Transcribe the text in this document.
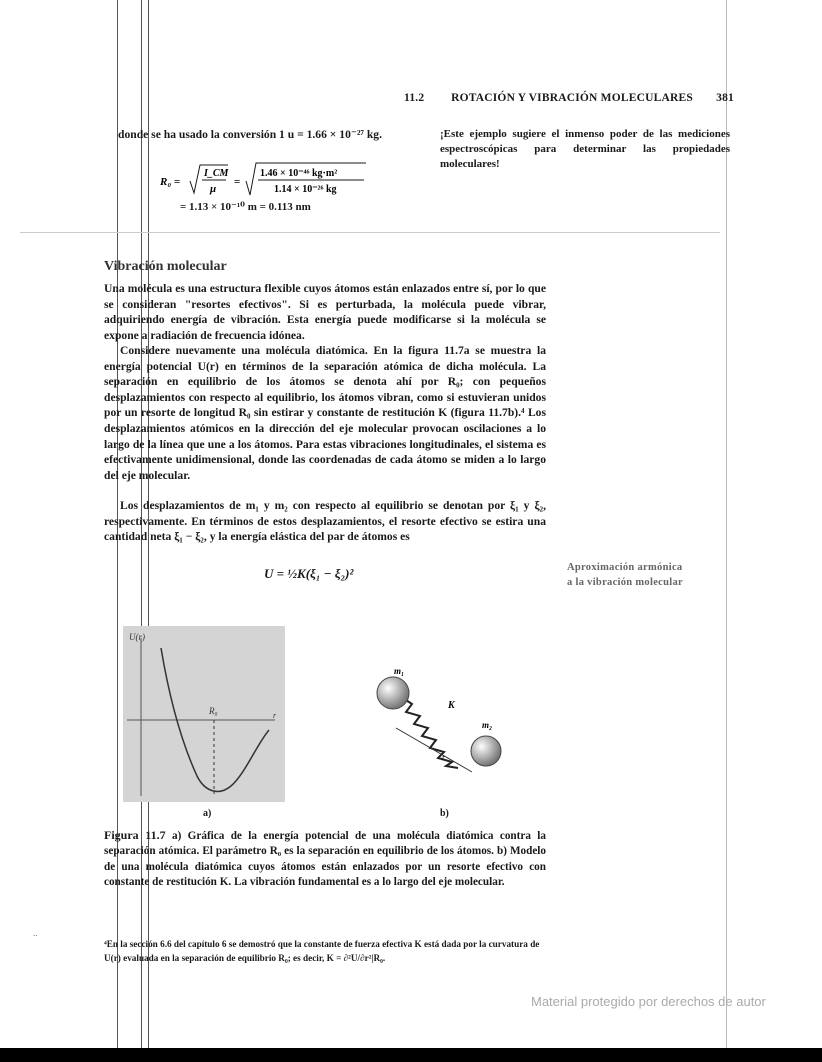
11.2 ROTACIÓN Y VIBRACIÓN MOLECULARES 381
donde se ha usado la conversión 1 u = 1.66 × 10⁻²⁷ kg.	¡Este ejemplo sugiere el inmenso poder de las mediciones espectroscópicas para determinar las propiedades moleculares!
R₀ =
I_CM
μ
=
1.46 × 10⁻⁴⁶ kg·m²
1.14 × 10⁻²⁶ kg
= 1.13 × 10⁻¹⁰ m = 0.113 nm
Vibración molecular
Una molécula es una estructura flexible cuyos átomos están enlazados entre sí, por lo que se consideran "resortes efectivos". Si es perturbada, la molécula puede vibrar, adquiriendo energía de vibración. Esta energía puede modificarse si la molécula se expone a radiación de frecuencia idónea.
Considere nuevamente una molécula diatómica. En la figura 11.7a se muestra la energía potencial U(r) en términos de la separación atómica de dicha molécula. La separación en equilibrio de los átomos se denota ahí por R₀; con pequeños desplazamientos con respecto al equilibrio, los átomos vibran, como si estuvieran unidos por un resorte de longitud R₀ sin estirar y constante de restitución K (figura 11.7b).⁴ Los desplazamientos atómicos en la dirección del eje molecular provocan oscilaciones a lo largo de la línea que une a los átomos. Para estas vibraciones longitudinales, el sistema es efectivamente unidimensional, donde las coordenadas de cada átomo se miden a lo largo del eje molecular.
Los desplazamientos de m₁ y m₂ con respecto al equilibrio se denotan por ξ₁ y ξ₂, respectivamente. En términos de estos desplazamientos, el resorte efectivo se estira una cantidad neta ξ₁ − ξ₂, y la energía elástica del par de átomos es
Aproximación armónica
a la vibración molecular
U = ½K(ξ₁ − ξ₂)²
U(r)
R₀	r
a)
m₁
m₂
K
r
b)
Figura 11.7 a) Gráfica de la energía potencial de una molécula diatómica contra la separación atómica. El parámetro R₀ es la separación en equilibrio de los átomos. b) Modelo de una molécula diatómica cuyos átomos están enlazados por un resorte efectivo con constante de restitución K. La vibración fundamental es a lo largo del eje molecular.
..
⁴En la sección 6.6 del capítulo 6 se demostró que la constante de fuerza efectiva K está dada por la curvatura de U(r) evaluada en la separación de equilibrio R₀; es decir, K = ∂²U/∂r²|R₀.
Material protegido por derechos de autor
